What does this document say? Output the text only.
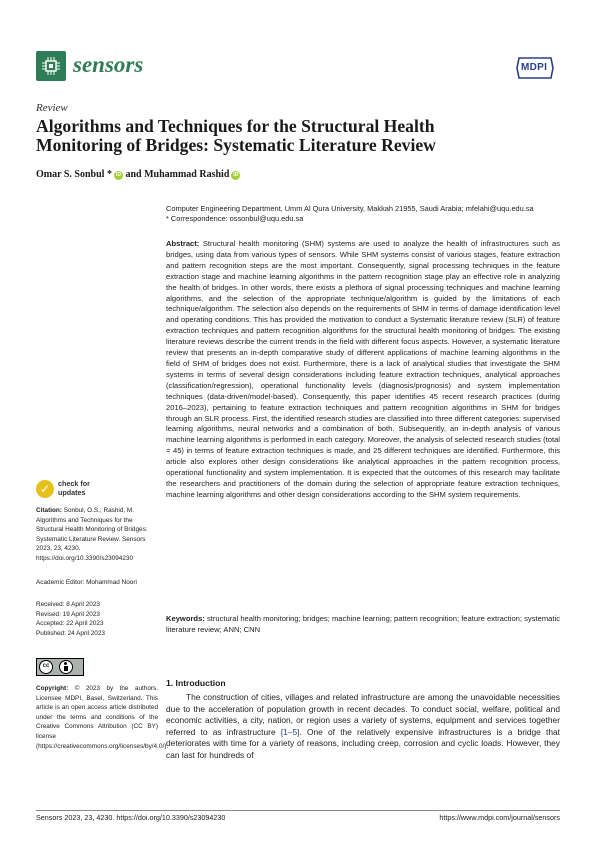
sensors	MDPI
Review
Algorithms and Techniques for the Structural Health Monitoring of Bridges: Systematic Literature Review
Omar S. Sonbul * iD and Muhammad Rashid iD
Computer Engineering Department, Umm Al Qura University, Makkah 21955, Saudi Arabia; mfelahi@uqu.edu.sa
* Correspondence: ossonbul@uqu.edu.sa
Abstract: Structural health monitoring (SHM) systems are used to analyze the health of infrastructures such as bridges, using data from various types of sensors. While SHM systems consist of various stages, feature extraction and pattern recognition steps are the most important. Consequently, signal processing techniques in the feature extraction stage and machine learning algorithms in the pattern recognition stage play an effective role in analyzing the health of bridges. In other words, there exists a plethora of signal processing techniques and machine learning algorithms, and the selection of the appropriate technique/algorithm is guided by the limitations of each technique/algorithm. The selection also depends on the requirements of SHM in terms of damage identification level and operating conditions. This has provided the motivation to conduct a Systematic literature review (SLR) of feature extraction techniques and pattern recognition algorithms for the structural health monitoring of bridges. The existing literature reviews describe the current trends in the field with different focus aspects. However, a systematic literature review that presents an in-depth comparative study of different applications of machine learning algorithms in the field of SHM of bridges does not exist. Furthermore, there is a lack of analytical studies that investigate the SHM systems in terms of several design considerations including feature extraction techniques, analytical approaches (classification/regression), operational functionality levels (diagnosis/prognosis) and system implementation techniques (data-driven/model-based). Consequently, this paper identifies 45 recent research practices (during 2016–2023), pertaining to feature extraction techniques and pattern recognition algorithms in SHM for bridges through an SLR process. First, the identified research studies are classified into three different categories: supervised learning algorithms, neural networks and a combination of both. Subsequently, an in-depth analysis of various machine learning algorithms is performed in each category. Moreover, the analysis of selected research studies (total = 45) in terms of feature extraction techniques is made, and 25 different techniques are identified. Furthermore, this article also explores other design considerations like analytical approaches in the pattern recognition process, operational functionality and system implementation. It is expected that the outcomes of this research may facilitate the researchers and practitioners of the domain during the selection of appropriate feature extraction techniques, machine learning algorithms and other design considerations according to the SHM system requirements.
Keywords: structural health monitoring; bridges; machine learning; pattern recognition; feature extraction; systematic literature review; ANN; CNN
1. Introduction

The construction of cities, villages and related infrastructure are among the unavoidable necessities due to the acceleration of population growth in recent decades. To conduct social, welfare, political and economic activities, a city, nation, or region uses a variety of systems, equipment and services together referred to as infrastructure [1–5]. One of the relatively expensive infrastructures is a bridge that deteriorates with time for a variety of reasons, including creep, corrosion and cyclic loads. However, they can last for hundreds of

✓ check for
updates
Citation: Sonbul, O.S.; Rashid, M. Algorithms and Techniques for the Structural Health Monitoring of Bridges: Systematic Literature Review. Sensors 2023, 23, 4230. https://doi.org/10.3390/s23094230
Academic Editor: Mohammad Noori
Received: 8 April 2023
Revised: 19 April 2023
Accepted: 22 April 2023
Published: 24 April 2023
cc
Copyright: © 2023 by the authors. Licensee MDPI, Basel, Switzerland. This article is an open access article distributed under the terms and conditions of the Creative Commons Attribution (CC BY) license (https://creativecommons.org/licenses/by/4.0/).
Sensors 2023, 23, 4230. https://doi.org/10.3390/s23094230	https://www.mdpi.com/journal/sensors
